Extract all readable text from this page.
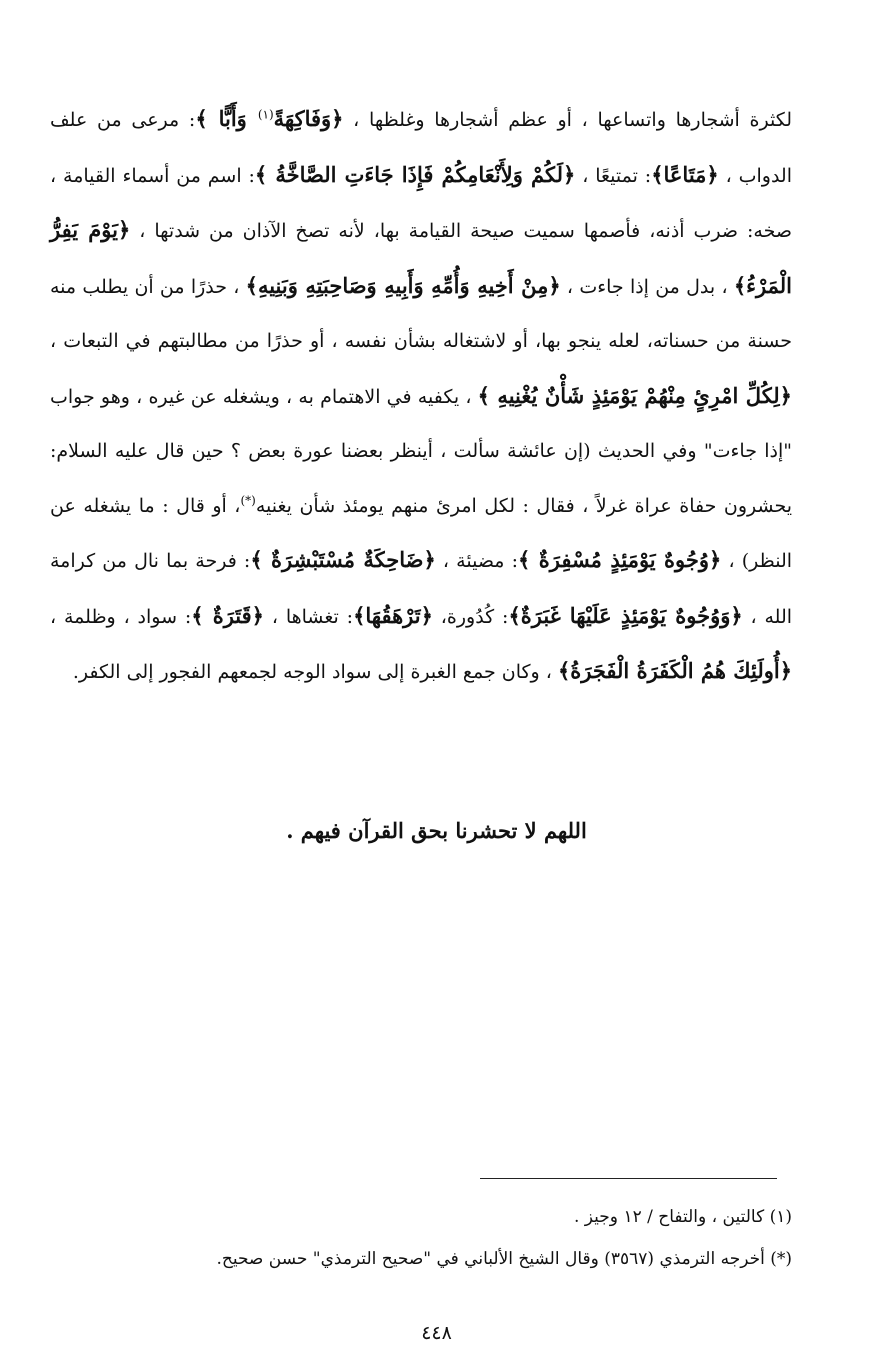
لكثرة أشجارها واتساعها ، أو عظم أشجارها وغلظها ، ﴿وَفَاكِهَةً$^{(١)}$ وَأَبًّا ﴾: مرعى من علف الدواب ، ﴿مَتَاعًا﴾: تمتيعًا ، ﴿لَكُمْ وَلِأَنْعَامِكُمْ فَإِذَا جَاءَتِ الصَّاخَّةُ ﴾: اسم من أسماء القيامة ، صخه: ضرب أذنه، فأصمها سميت صيحة القيامة بها، لأنه تصخ الآذان من شدتها ، ﴿يَوْمَ يَفِرُّ الْمَرْءُ﴾ ، بدل من إذا جاءت ، ﴿مِنْ أَخِيهِ وَأُمِّهِ وَأَبِيهِ وَصَاحِبَتِهِ وَبَنِيهِ﴾ ، حذرًا من أن يطلب منه حسنة من حسناته، لعله ينجو بها، أو لاشتغاله بشأن نفسه ، أو حذرًا من مطالبتهم في التبعات ، ﴿لِكُلِّ امْرِئٍ مِنْهُمْ يَوْمَئِذٍ شَأْنٌ يُغْنِيهِ ﴾ ، يكفيه في الاهتمام به ، ويشغله عن غيره ، وهو جواب "إذا جاءت" وفي الحديث (إن عائشة سألت ، أينظر بعضنا عورة بعض ؟ حين قال عليه السلام: يحشرون حفاة عراة غرلاً ، فقال : لكل امرئ منهم يومئذ شأن يغنيه(*)، أو قال : ما يشغله عن النظر) ، ﴿وُجُوهٌ يَوْمَئِذٍ مُسْفِرَةٌ ﴾: مضيئة ، ﴿ضَاحِكَةٌ مُسْتَبْشِرَةٌ ﴾: فرحة بما نال من كرامة الله ، ﴿وَوُجُوهٌ يَوْمَئِذٍ عَلَيْهَا غَبَرَةٌ﴾: كُدُورة، ﴿تَرْهَقُهَا﴾: تغشاها ، ﴿قَتَرَةٌ ﴾: سواد ، وظلمة ، ﴿أُولَئِكَ هُمُ الْكَفَرَةُ الْفَجَرَةُ﴾ ، وكان جمع الغبرة إلى سواد الوجه لجمعهم الفجور إلى الكفر.

اللهم لا تحشرنا بحق القرآن فيهم .
(١) كالتين ، والتفاح / ١٢ وجيز .
(*) أخرجه الترمذي (٣٥٦٧) وقال الشيخ الألباني في "صحيح الترمذي" حسن صحيح.
٤٤٨
